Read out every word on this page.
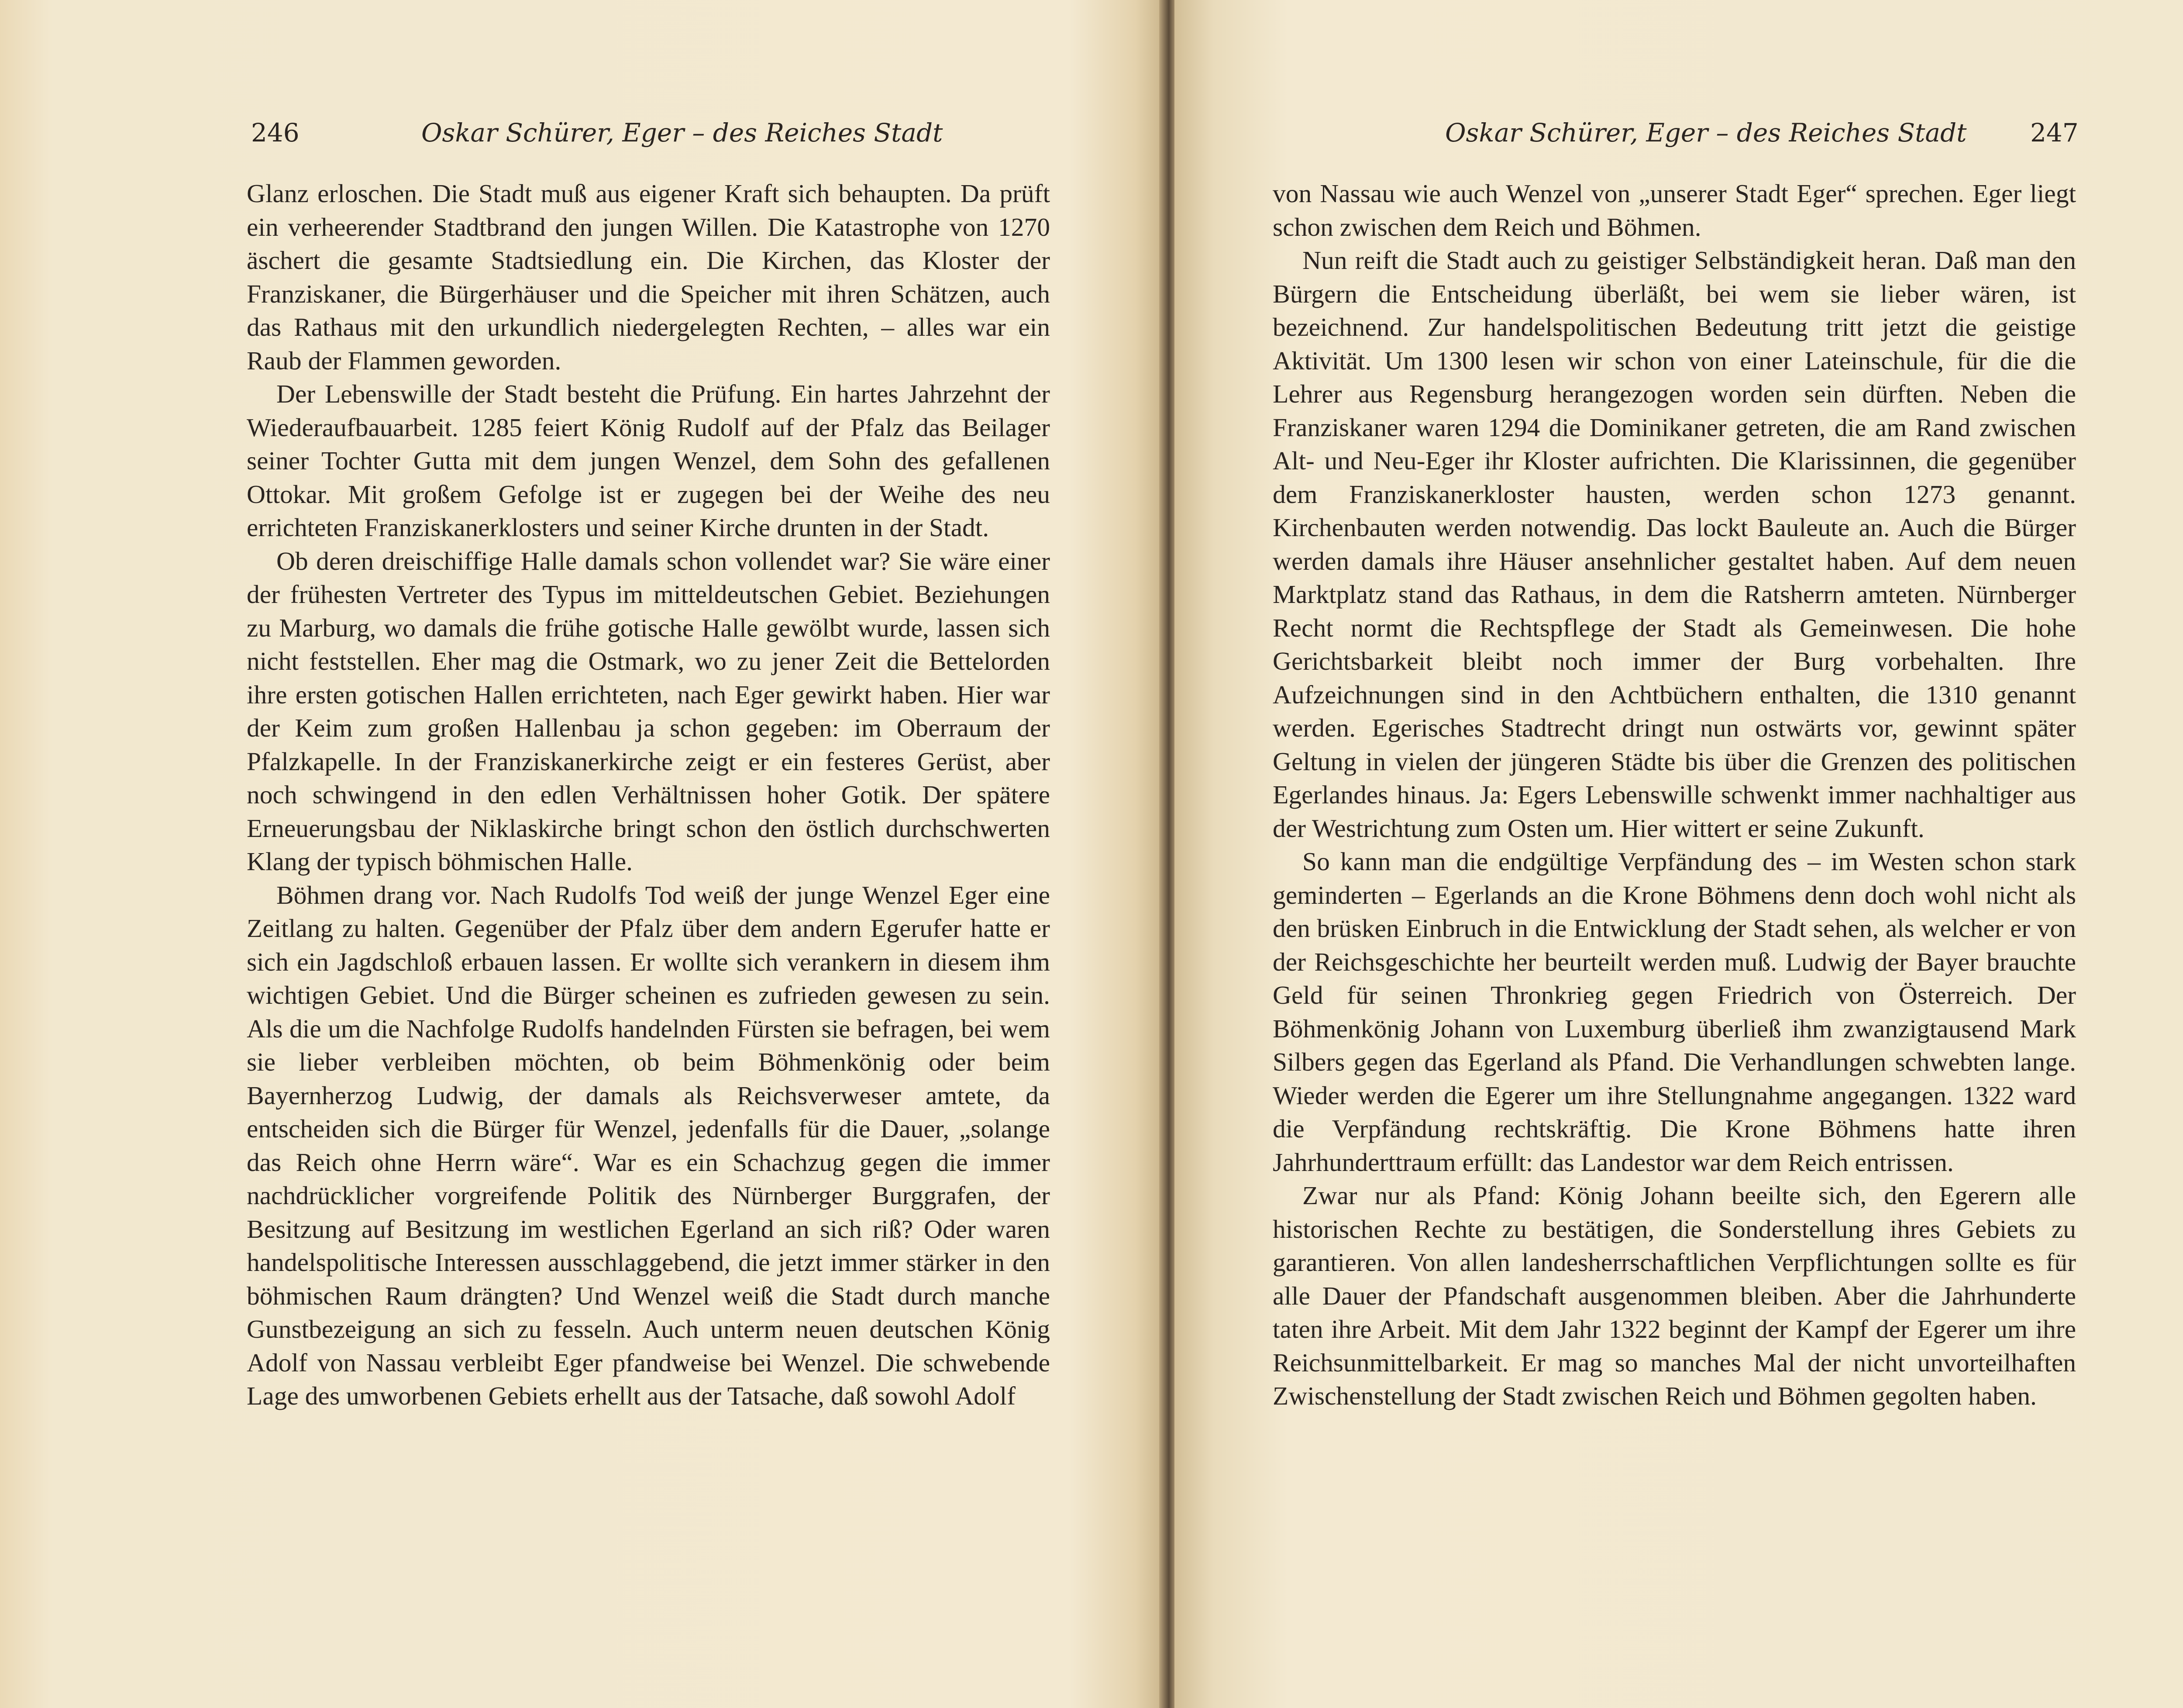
246	Oskar Schürer, Eger – des Reiches Stadt

Glanz erloschen. Die Stadt muß aus eigener Kraft sich behaupten. Da prüft ein verheerender Stadtbrand den jungen Willen. Die Katastrophe von 1270 äschert die gesamte Stadtsiedlung ein. Die Kirchen, das Kloster der Franziskaner, die Bürgerhäuser und die Speicher mit ihren Schätzen, auch das Rathaus mit den urkundlich niedergelegten Rechten, – alles war ein Raub der Flammen geworden.

Der Lebenswille der Stadt besteht die Prüfung. Ein hartes Jahrzehnt der Wiederaufbauarbeit. 1285 feiert König Rudolf auf der Pfalz das Beilager seiner Tochter Gutta mit dem jungen Wenzel, dem Sohn des gefallenen Ottokar. Mit großem Gefolge ist er zugegen bei der Weihe des neu errichteten Franziskanerklosters und seiner Kirche drunten in der Stadt.

Ob deren dreischiffige Halle damals schon vollendet war? Sie wäre einer der frühesten Vertreter des Typus im mitteldeutschen Gebiet. Beziehungen zu Marburg, wo damals die frühe gotische Halle gewölbt wurde, lassen sich nicht feststellen. Eher mag die Ostmark, wo zu jener Zeit die Bettelorden ihre ersten gotischen Hallen errichteten, nach Eger gewirkt haben. Hier war der Keim zum großen Hallenbau ja schon gegeben: im Oberraum der Pfalzkapelle. In der Franziskanerkirche zeigt er ein festeres Gerüst, aber noch schwingend in den edlen Verhältnissen hoher Gotik. Der spätere Erneuerungsbau der Niklaskirche bringt schon den östlich durchschwerten Klang der typisch böhmischen Halle.

Böhmen drang vor. Nach Rudolfs Tod weiß der junge Wenzel Eger eine Zeitlang zu halten. Gegenüber der Pfalz über dem andern Egerufer hatte er sich ein Jagdschloß erbauen lassen. Er wollte sich verankern in diesem ihm wichtigen Gebiet. Und die Bürger scheinen es zufrieden gewesen zu sein. Als die um die Nachfolge Rudolfs handelnden Fürsten sie befragen, bei wem sie lieber verbleiben möchten, ob beim Böhmenkönig oder beim Bayernherzog Ludwig, der damals als Reichsverweser amtete, da entscheiden sich die Bürger für Wenzel, jedenfalls für die Dauer, „solange das Reich ohne Herrn wäre“. War es ein Schachzug gegen die immer nachdrücklicher vorgreifende Politik des Nürnberger Burggrafen, der Besitzung auf Besitzung im westlichen Egerland an sich riß? Oder waren handelspolitische Interessen ausschlaggebend, die jetzt immer stärker in den böhmischen Raum drängten? Und Wenzel weiß die Stadt durch manche Gunstbezeigung an sich zu fesseln. Auch unterm neuen deutschen König Adolf von Nassau verbleibt Eger pfandweise bei Wenzel. Die schwebende Lage des umworbenen Gebiets erhellt aus der Tatsache, daß sowohl Adolf

Oskar Schürer, Eger – des Reiches Stadt	247

von Nassau wie auch Wenzel von „unserer Stadt Eger“ sprechen. Eger liegt schon zwischen dem Reich und Böhmen.

Nun reift die Stadt auch zu geistiger Selbständigkeit heran. Daß man den Bürgern die Entscheidung überläßt, bei wem sie lieber wären, ist bezeichnend. Zur handelspolitischen Bedeutung tritt jetzt die geistige Aktivität. Um 1300 lesen wir schon von einer Lateinschule, für die die Lehrer aus Regensburg herangezogen worden sein dürften. Neben die Franziskaner waren 1294 die Dominikaner getreten, die am Rand zwischen Alt- und Neu-Eger ihr Kloster aufrichten. Die Klarissinnen, die gegenüber dem Franziskanerkloster hausten, werden schon 1273 genannt. Kirchenbauten werden notwendig. Das lockt Bauleute an. Auch die Bürger werden damals ihre Häuser ansehnlicher gestaltet haben. Auf dem neuen Marktplatz stand das Rathaus, in dem die Ratsherrn amteten. Nürnberger Recht normt die Rechtspflege der Stadt als Gemeinwesen. Die hohe Gerichtsbarkeit bleibt noch immer der Burg vorbehalten. Ihre Aufzeichnungen sind in den Achtbüchern enthalten, die 1310 genannt werden. Egerisches Stadtrecht dringt nun ostwärts vor, gewinnt später Geltung in vielen der jüngeren Städte bis über die Grenzen des politischen Egerlandes hinaus. Ja: Egers Lebenswille schwenkt immer nachhaltiger aus der Westrichtung zum Osten um. Hier wittert er seine Zukunft.

So kann man die endgültige Verpfändung des – im Westen schon stark geminderten – Egerlands an die Krone Böhmens denn doch wohl nicht als den brüsken Einbruch in die Entwicklung der Stadt sehen, als welcher er von der Reichsgeschichte her beurteilt werden muß. Ludwig der Bayer brauchte Geld für seinen Thronkrieg gegen Friedrich von Österreich. Der Böhmenkönig Johann von Luxemburg überließ ihm zwanzigtausend Mark Silbers gegen das Egerland als Pfand. Die Verhandlungen schwebten lange. Wieder werden die Egerer um ihre Stellungnahme angegangen. 1322 ward die Verpfändung rechtskräftig. Die Krone Böhmens hatte ihren Jahrhunderttraum erfüllt: das Landestor war dem Reich entrissen.

Zwar nur als Pfand: König Johann beeilte sich, den Egerern alle historischen Rechte zu bestätigen, die Sonderstellung ihres Gebiets zu garantieren. Von allen landesherrschaftlichen Verpflichtungen sollte es für alle Dauer der Pfandschaft ausgenommen bleiben. Aber die Jahrhunderte taten ihre Arbeit. Mit dem Jahr 1322 beginnt der Kampf der Egerer um ihre Reichsunmittelbarkeit. Er mag so manches Mal der nicht unvorteilhaften Zwischenstellung der Stadt zwischen Reich und Böhmen gegolten haben.
